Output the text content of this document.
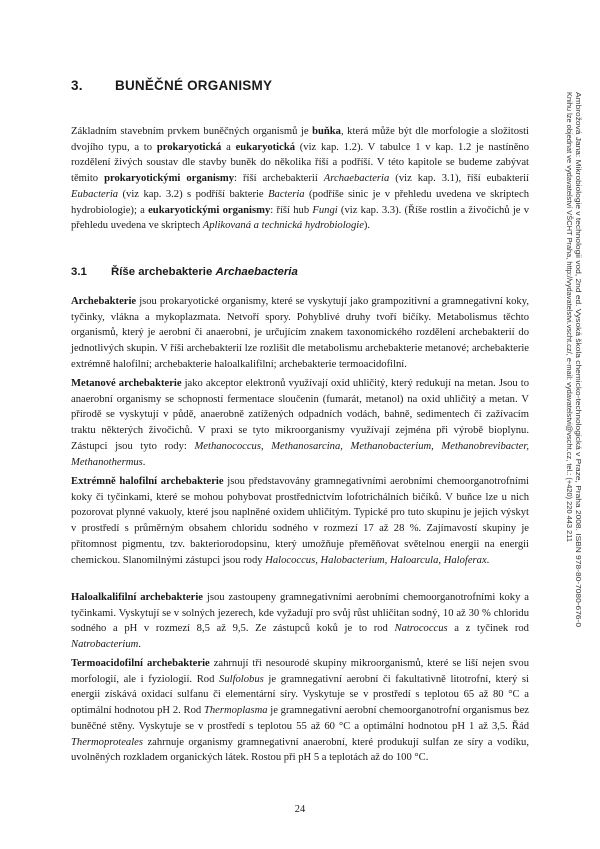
3. BUNĚČNÉ ORGANISMY

Základním stavebním prvkem buněčných organismů je buňka, která může být dle morfologie a složitosti dvojího typu, a to prokaryotická a eukaryotická (viz kap. 1.2). V tabulce 1 v kap. 1.2 je nastíněno rozdělení živých soustav dle stavby buněk do několika říší a podříší. V této kapitole se budeme zabývat těmito prokaryotickými organismy: říší archebakterií Archaebacteria (viz kap. 3.1), říší eubakterií Eubacteria (viz kap. 3.2) s podříší bakterie Bacteria (podříše sinic je v přehledu uvedena ve skriptech hydrobiologie); a eukaryotickými organismy: říší hub Fungi (viz kap. 3.3). (Říše rostlin a živočichů je v přehledu uvedena ve skriptech Aplikovaná a technická hydrobiologie).

3.1 Říše archebakterie Archaebacteria

Archebakterie jsou prokaryotické organismy, které se vyskytují jako grampozitivní a gramnegativní koky, tyčinky, vlákna a mykoplazmata. Netvoří spory. Pohyblivé druhy tvoří bičíky. Metabolismus těchto organismů, který je aerobní či anaerobní, je určujícím znakem taxonomického rozdělení archebakterií do jednotlivých skupin. V říši archebakterií lze rozlišit dle metabolismu archebakterie metanové; archebakterie extrémně halofilní; archebakterie haloalkalifilní; archebakterie termoacidofilní.

Metanové archebakterie jako akceptor elektronů využívají oxid uhličitý, který redukují na metan. Jsou to anaerobní organismy se schopností fermentace sloučenin (fumarát, metanol) na oxid uhličitý a metan. V přírodě se vyskytují v půdě, anaerobně zatížených odpadních vodách, bahně, sedimentech či zažívacím traktu některých živočichů. V praxi se tyto mikroorganismy využívají zejména při výrobě bioplynu. Zástupci jsou tyto rody: Methanococcus, Methanosarcina, Methanobacterium, Methanobrevibacter, Methanothermus.

Extrémně halofilní archebakterie jsou představovány gramnegativními aerobními chemoorganotrofními koky či tyčinkami, které se mohou pohybovat prostřednictvím lofotrichálních bičíků. V buňce lze u nich pozorovat plynné vakuoly, které jsou naplněné oxidem uhličitým. Typické pro tuto skupinu je jejich výskyt v prostředí s průměrným obsahem chloridu sodného v rozmezí 17 až 28 %. Zajímavostí skupiny je přítomnost pigmentu, tzv. bakteriorodopsinu, který umožňuje přeměňovat světelnou energii na energii chemickou. Slanomilnými zástupci jsou rody Halococcus, Halobacterium, Haloarcula, Haloferax.

Haloalkalifilní archebakterie jsou zastoupeny gramnegativními aerobními chemoorganotrofními koky a tyčinkami. Vyskytují se v solných jezerech, kde vyžadují pro svůj růst uhličitan sodný, 10 až 30 % chloridu sodného a pH v rozmezí 8,5 až 9,5. Ze zástupců koků je to rod Natrococcus a z tyčinek rod Natrobacterium.

Termoacidofilní archebakterie zahrnují tři nesourodé skupiny mikroorganismů, které se liší nejen svou morfologií, ale i fyziologií. Rod Sulfolobus je gramnegativní aerobní či fakultativně litotrofní, který si energii získává oxidací sulfanu či elementární síry. Vyskytuje se v prostředí s teplotou 65 až 80 °C a optimální hodnotou pH 2. Rod Thermoplasma je gramnegativní aerobní chemoorganotrofní organismus bez buněčné stěny. Vyskytuje se v prostředí s teplotou 55 až 60 °C a optimální hodnotou pH 1 až 3,5. Řád Thermoproteales zahrnuje organismy gramnegativní anaerobní, které produkují sulfan ze síry a vodíku, uvolněných rozkladem organických látek. Rostou při pH 5 a teplotách až do 100 °C.

24
Ambrožová Jana: Mikrobiologie v technologii vod, 2nd ed. Vysoká škola chemicko-technologická v Praze, Praha 2008. ISBN 978-80-7080-676-0
Knihu lze objednat ve vydavatelství VŠCHT Praha, http://vydavatelstvi.vscht.cz/, e-mail: vydavatelstvi@vscht.cz, tel.: (+420) 220 443 211
